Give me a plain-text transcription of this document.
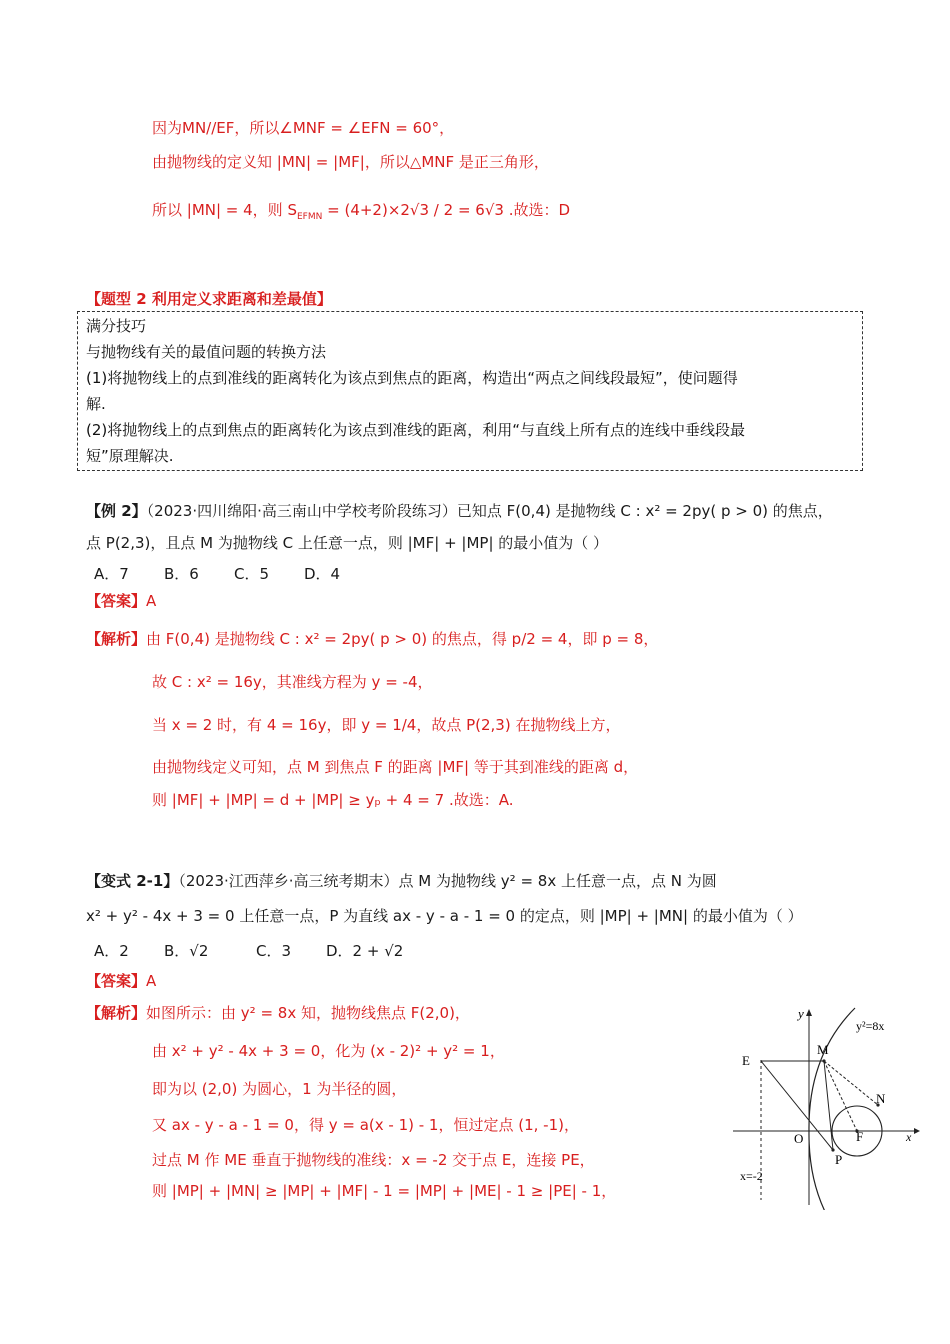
因为MN//EF，所以∠MNF = ∠EFN = 60°，
由抛物线的定义知 |MN| = |MF|，所以△MNF 是正三角形，
所以 |MN| = 4，则 $S_{EFMN} = (4+2)\times 2√3 / 2 = 6√3$ .故选：D
【题型 2 利用定义求距离和差最值】
满分技巧
与抛物线有关的最值问题的转换方法
(1)将抛物线上的点到准线的距离转化为该点到焦点的距离，构造出“两点之间线段最短”，使问题得
解.
(2)将抛物线上的点到焦点的距离转化为该点到准线的距离，利用“与直线上所有点的连线中垂线段最
短”原理解决.
【例 2】（2023·四川绵阳·高三南山中学校考阶段练习）已知点 F(0,4) 是抛物线 C : x² = 2py( p > 0) 的焦点，
点 P(2,3)，且点 M 为抛物线 C 上任意一点，则 |MF| + |MP| 的最小值为（ ）
A．7 B．6 C．5 D．4
【答案】A
【解析】由 F(0,4) 是抛物线 C : x² = 2py( p > 0) 的焦点，得 p/2 = 4，即 p = 8，
故 C : x² = 16y，其准线方程为 y = -4，
当 x = 2 时，有 4 = 16y，即 y = 1/4，故点 P(2,3) 在抛物线上方，
由抛物线定义可知，点 M 到焦点 F 的距离 |MF| 等于其到准线的距离 d，
则 |MF| + |MP| = d + |MP| ≥ yₚ + 4 = 7 .故选：A.
【变式 2-1】（2023·江西萍乡·高三统考期末）点 M 为抛物线 y² = 8x 上任意一点，点 N 为圆
x² + y² - 4x + 3 = 0 上任意一点，P 为直线 ax - y - a - 1 = 0 的定点，则 |MP| + |MN| 的最小值为（ ）
A．2 B．√2	C．3 D．2 + √2
【答案】A
【解析】如图所示：由 y² = 8x 知，抛物线焦点 F(2,0)，
由 x² + y² - 4x + 3 = 0，化为 (x - 2)² + y² = 1，
即为以 (2,0) 为圆心，1 为半径的圆，
又 ax - y - a - 1 = 0，得 y = a(x - 1) - 1，恒过定点 (1, -1)，
过点 M 作 ME 垂直于抛物线的准线：x = -2 交于点 E，连接 PE，
则 |MP| + |MN| ≥ |MP| + |MF| - 1 = |MP| + |ME| - 1 ≥ |PE| - 1，
y
x
y²=8x
E
M
N
O	F
P
x=-2
